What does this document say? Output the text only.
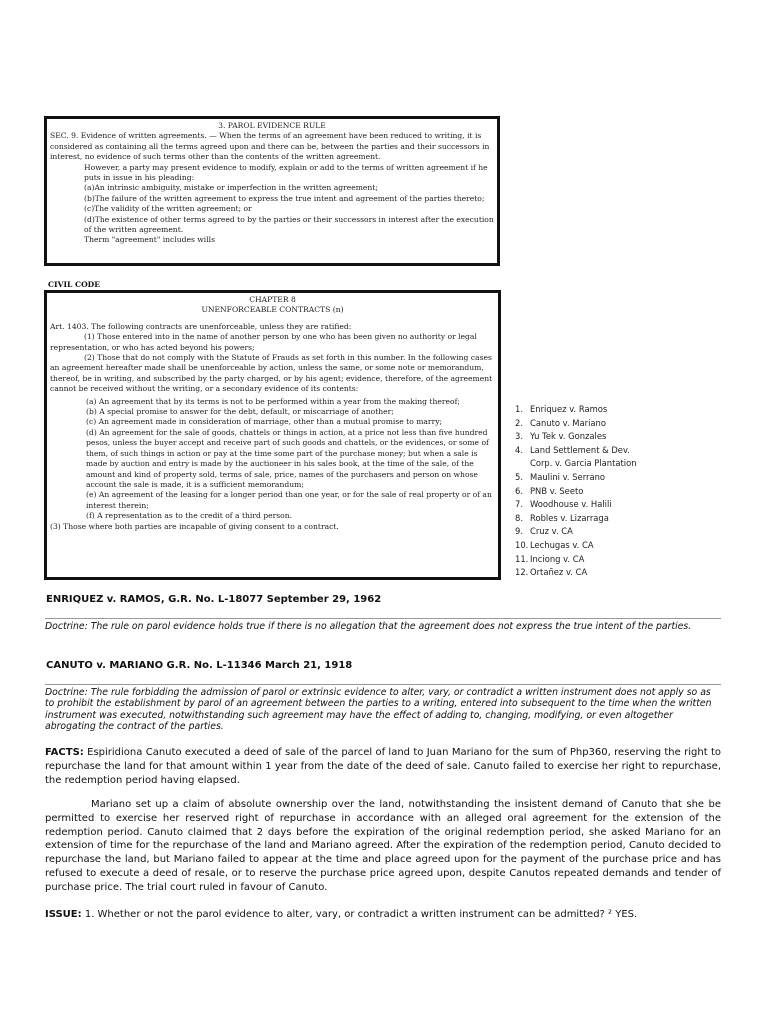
3. PAROL EVIDENCE RULE

SEC. 9. Evidence of written agreements. — When the terms of an agreement have been reduced to writing, it is considered as containing all the terms agreed upon and there can be, between the parties and their successors in interest, no evidence of such terms other than the contents of the written agreement.

However, a party may present evidence to modify, explain or add to the terms of written agreement if he puts in issue in his pleading:

(a)An intrinsic ambiguity, mistake or imperfection in the written agreement;

(b)The failure of the written agreement to express the true intent and agreement of the parties thereto;

(c)The validity of the written agreement; or

(d)The existence of other terms agreed to by the parties or their successors in interest after the execution of the written agreement.

Therm "agreement" includes wills

CIVIL CODE

CHAPTER 8

UNENFORCEABLE CONTRACTS (n)

Art. 1403. The following contracts are unenforceable, unless they are ratified:

(1) Those entered into in the name of another person by one who has been given no authority or legal representation, or who has acted beyond his powers;

(2) Those that do not comply with the Statute of Frauds as set forth in this number. In the following cases an agreement hereafter made shall be unenforceable by action, unless the same, or some note or memorandum, thereof, be in writing, and subscribed by the party charged, or by his agent; evidence, therefore, of the agreement cannot be received without the writing, or a secondary evidence of its contents:

(a) An agreement that by its terms is not to be performed within a year from the making thereof;

(b) A special promise to answer for the debt, default, or miscarriage of another;

(c) An agreement made in consideration of marriage, other than a mutual promise to marry;

(d) An agreement for the sale of goods, chattels or things in action, at a price not less than five hundred pesos, unless the buyer accept and receive part of such goods and chattels, or the evidences, or some of them, of such things in action or pay at the time some part of the purchase money; but when a sale is made by auction and entry is made by the auctioneer in his sales book, at the time of the sale, of the amount and kind of property sold, terms of sale, price, names of the purchasers and person on whose account the sale is made, it is a sufficient memorandum;

(e) An agreement of the leasing for a longer period than one year, or for the sale of real property or of an interest therein;

(f) A representation as to the credit of a third person.

(3) Those where both parties are incapable of giving consent to a contract.

1. Enriquez v. Ramos
2. Canuto v. Mariano
3. Yu Tek v. Gonzales
4. Land Settlement & Dev.
Corp. v. Garcia Plantation
5. Maulini v. Serrano
6. PNB v. Seeto
7. Woodhouse v. Halili
8. Robles v. Lizarraga
9. Cruz v. CA
10. Lechugas v. CA
11. Inciong v. CA
12. Ortañez v. CA
ENRIQUEZ v. RAMOS, G.R. No. L-18077 September 29, 1962
Doctrine: The rule on parol evidence holds true if there is no allegation that the agreement does not express the true intent of the parties.
CANUTO v. MARIANO G.R. No. L-11346 March 21, 1918
Doctrine: The rule forbidding the admission of parol or extrinsic evidence to alter, vary, or contradict a written instrument does not apply so as to prohibit the establishment by parol of an agreement between the parties to a writing, entered into subsequent to the time when the written instrument was executed, notwithstanding such agreement may have the effect of adding to, changing, modifying, or even altogether abrogating the contract of the parties.
FACTS: Espiridiona Canuto executed a deed of sale of the parcel of land to Juan Mariano for the sum of Php360, reserving the right to repurchase the land for that amount within 1 year from the date of the deed of sale. Canuto failed to exercise her right to repurchase, the redemption period having elapsed.
Mariano set up a claim of absolute ownership over the land, notwithstanding the insistent demand of Canuto that she be permitted to exercise her reserved right of repurchase in accordance with an alleged oral agreement for the extension of the redemption period. Canuto claimed that 2 days before the expiration of the original redemption period, she asked Mariano for an extension of time for the repurchase of the land and Mariano agreed. After the expiration of the redemption period, Canuto decided to repurchase the land, but Mariano failed to appear at the time and place agreed upon for the payment of the purchase price and has refused to execute a deed of resale, or to reserve the purchase price agreed upon, despite Canutos repeated demands and tender of purchase price. The trial court ruled in favour of Canuto.
ISSUE: 1. Whether or not the parol evidence to alter, vary, or contradict a written instrument can be admitted? ² YES.
